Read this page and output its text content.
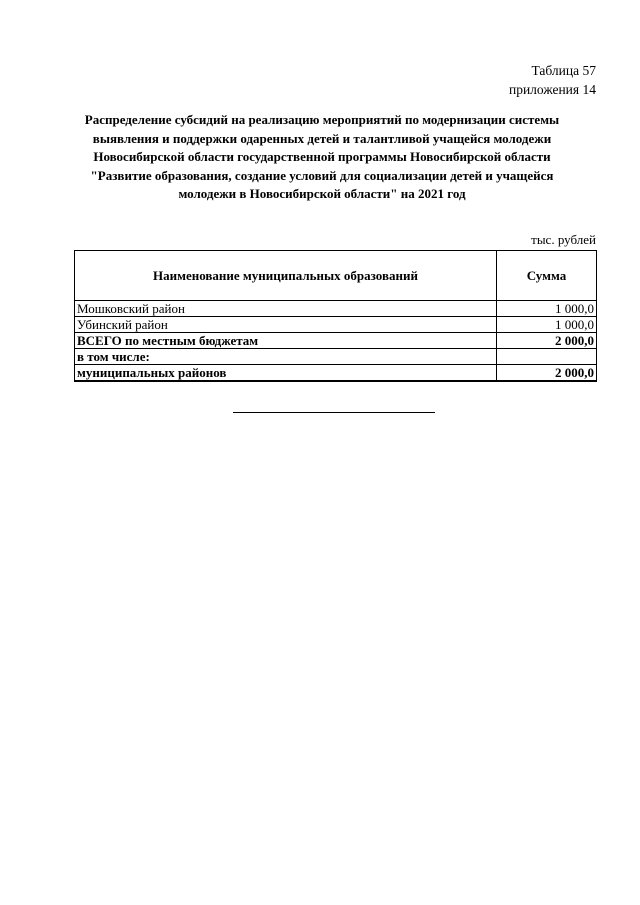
Таблица 57
приложения 14
Распределение субсидий на реализацию мероприятий по модернизации системы
выявления и поддержки одаренных детей и талантливой учащейся молодежи
Новосибирской области государственной программы Новосибирской области
"Развитие образования, создание условий для социализации детей и учащейся
молодежи в Новосибирской области" на 2021 год
тыс. рублей
Наименование муниципальных образований	Сумма
Мошковский район	1 000,0
Убинский район	1 000,0
ВСЕГО по местным бюджетам	2 000,0
в том числе:	
муниципальных районов	2 000,0
